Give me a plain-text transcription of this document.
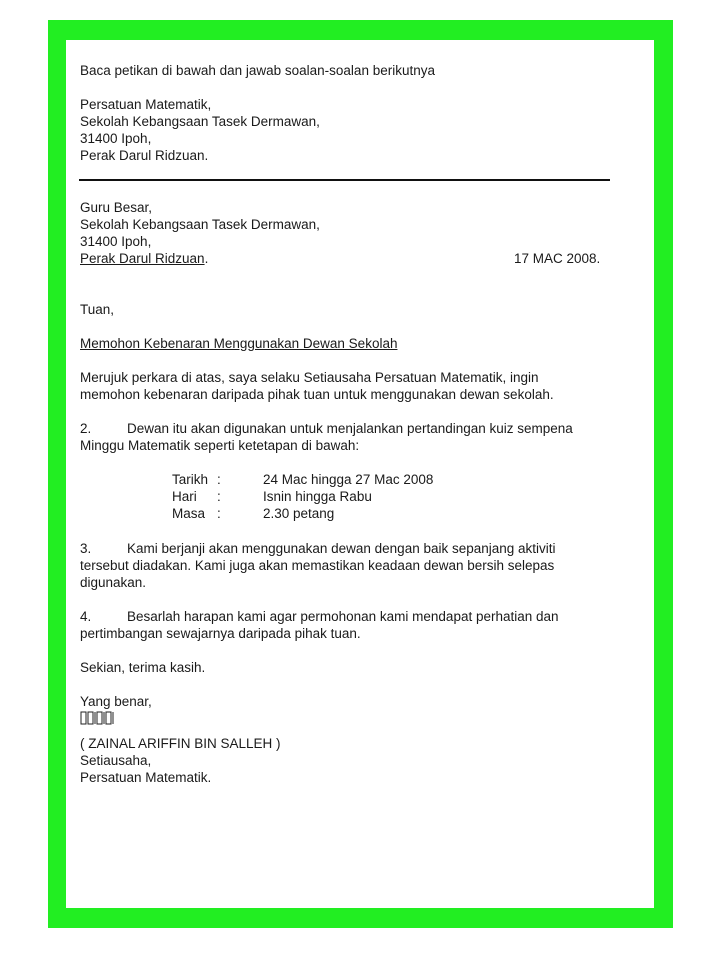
Baca petikan di bawah dan jawab soalan-soalan berikutnya
Persatuan Matematik,
Sekolah Kebangsaan Tasek Dermawan,
31400 Ipoh,
Perak Darul Ridzuan.
Guru Besar,
Sekolah Kebangsaan Tasek Dermawan,
31400 Ipoh,
Perak Darul Ridzuan.	17 MAC 2008.
Tuan,
Memohon Kebenaran Menggunakan Dewan Sekolah
Merujuk perkara di atas, saya selaku Setiausaha Persatuan Matematik, ingin
memohon kebenaran daripada pihak tuan untuk menggunakan dewan sekolah.
2.	Dewan itu akan digunakan untuk menjalankan pertandingan kuiz sempena
Minggu Matematik seperti ketetapan di bawah:
Tarikh :	24 Mac hingga 27 Mac 2008
Hari :	Isnin hingga Rabu
Masa :	2.30 petang
3.	Kami berjanji akan menggunakan dewan dengan baik sepanjang aktiviti
tersebut diadakan. Kami juga akan memastikan keadaan dewan bersih selepas
digunakan.
4.	Besarlah harapan kami agar permohonan kami mendapat perhatian dan
pertimbangan sewajarnya daripada pihak tuan.
Sekian, terima kasih.
Yang benar,
( ZAINAL ARIFFIN BIN SALLEH )
Setiausaha,
Persatuan Matematik.
